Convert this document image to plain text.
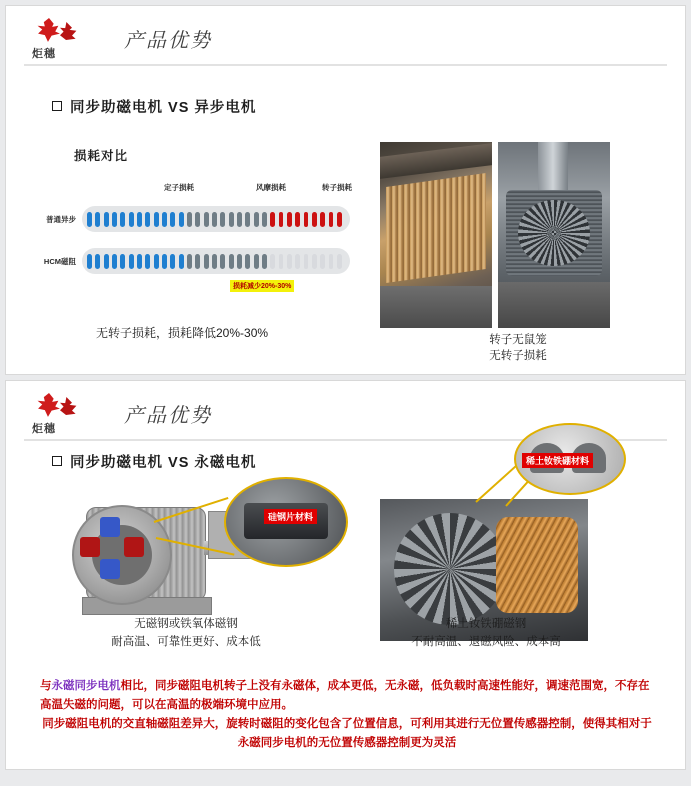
炬穗
产品优势
同步助磁电机 VS 异步电机
损耗对比
定子损耗	风摩损耗	转子损耗
普通异步
HCM磁阻
损耗减少20%-30%
无转子损耗，损耗降低20%-30%	转子无鼠笼
无转子损耗
炬穗
产品优势
同步助磁电机 VS 永磁电机
硅钢片材料
稀土钕铁硼材料
无磁钢或铁氧体磁钢
耐高温、可靠性更好、成本低
稀土钕铁硼磁钢
不耐高温、退磁风险、成本高
与永磁同步电机相比，同步磁阻电机转子上没有永磁体，成本更低，无永磁，低负载时高速性能好，调速范围宽，不存在高温失磁的问题，可以在高温的极端环境中应用。
同步磁阻电机的交直轴磁阻差异大，旋转时磁阻的变化包含了位置信息，可利用其进行无位置传感器控制，使得其相对于永磁同步电机的无位置传感器控制更为灵活
